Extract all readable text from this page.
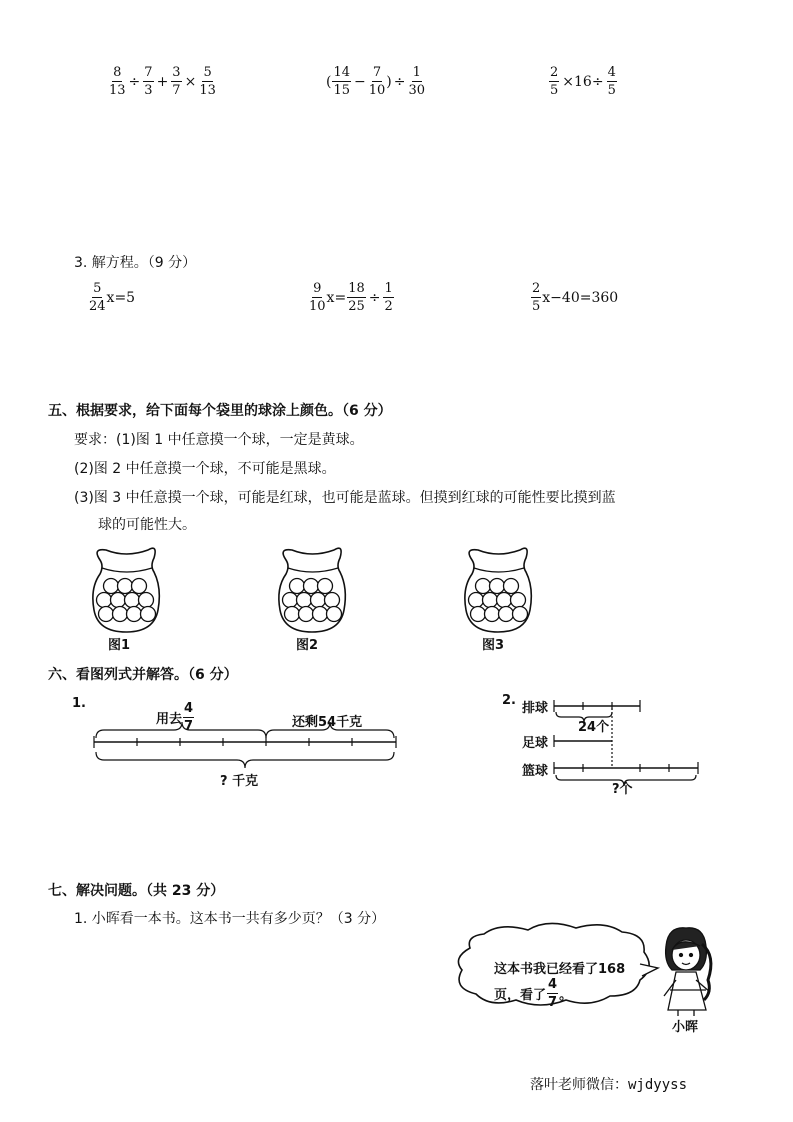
$\frac{8}{13} \div \frac{7}{3} + \frac{3}{7} \times \frac{5}{13}$	( $\frac{14}{15} - \frac{7}{10}$ ) ÷ $\frac{1}{30}$	$\frac{2}{5} \times 16\div \frac{4}{5}$
3. 解方程。（9 分）
$\frac{5}{24} x=5$	$\frac{9}{10} x= \frac{18}{25} \div \frac{1}{2}$	$\frac{2}{5} x-40=360$
五、根据要求，给下面每个袋里的球涂上颜色。（6 分）
要求：(1)图 1 中任意摸一个球，一定是黄球。
(2)图 2 中任意摸一个球，不可能是黑球。
(3)图 3 中任意摸一个球，可能是红球，也可能是蓝球。但摸到红球的可能性要比摸到蓝
球的可能性大。
图1	图2	图3
六、看图列式并解答。（6 分）
1.
用去 $\frac{4}{7}$	还剩54千克
? 千克
2.
排球
足球
篮球
24个
?个
七、解决问题。（共 23 分）
1. 小晖看一本书。这本书一共有多少页？（3 分）
这本书我已经看了168
页，看了 $\frac{4}{7}$ 。
小晖
落叶老师微信：wjdyyss
